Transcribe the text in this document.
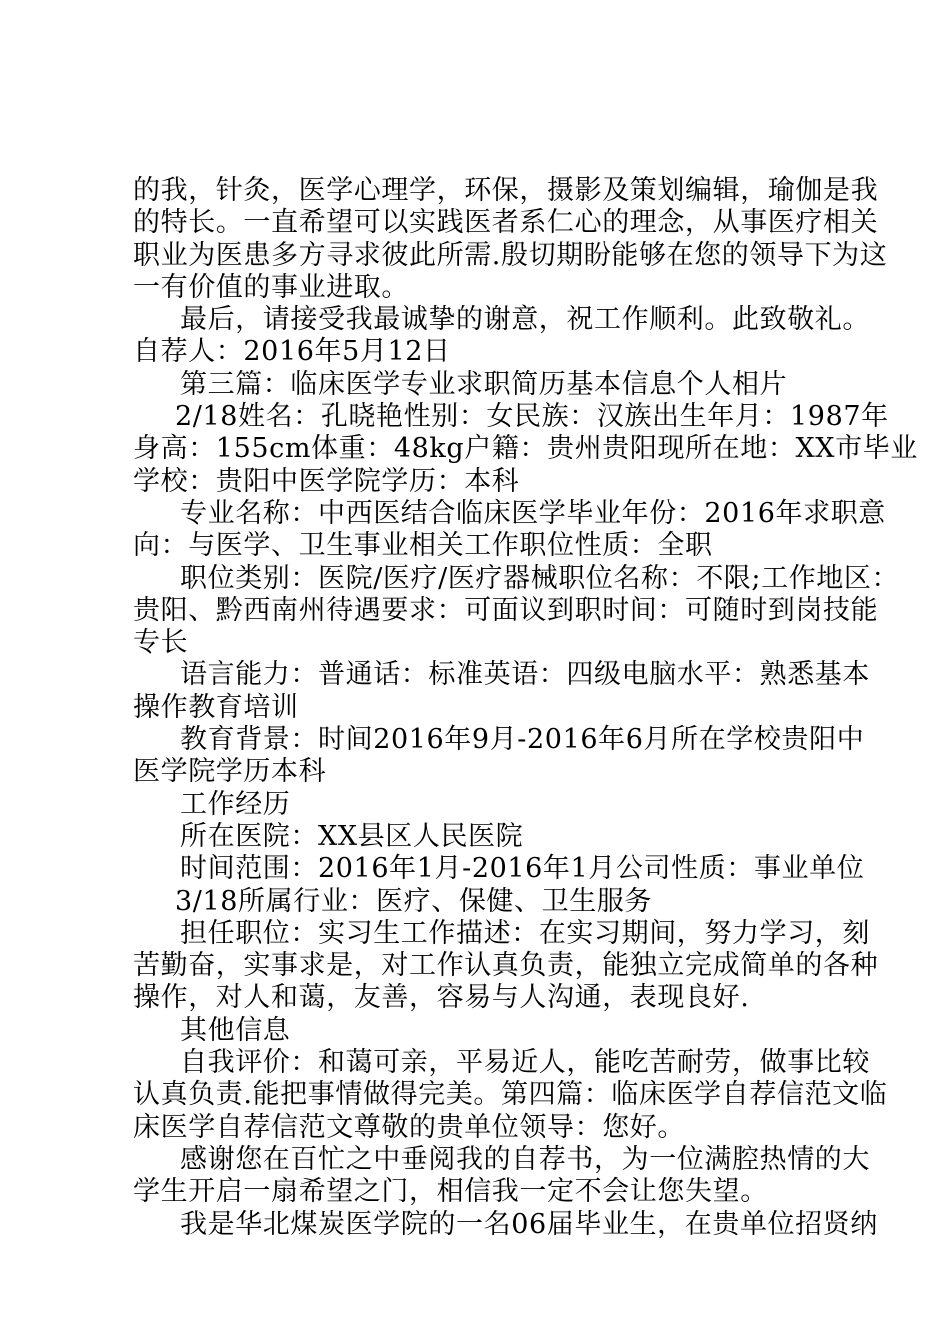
的我，针灸，医学心理学，环保，摄影及策划编辑，瑜伽是我
的特长。一直希望可以实践医者系仁心的理念，从事医疗相关
职业为医患多方寻求彼此所需.殷切期盼能够在您的领导下为这
一有价值的事业进取。
最后，请接受我最诚挚的谢意，祝工作顺利。此致敬礼。
自荐人：2016年5月12日
第三篇：临床医学专业求职简历基本信息个人相片
2/18姓名：孔晓艳性别：女民族：汉族出生年月：1987年
身高：155cm体重：48kg户籍：贵州贵阳现所在地：XX市毕业
学校：贵阳中医学院学历：本科
专业名称：中西医结合临床医学毕业年份：2016年求职意
向：与医学、卫生事业相关工作职位性质：全职
职位类别：医院/医疗/医疗器械职位名称：不限;工作地区：
贵阳、黔西南州待遇要求：可面议到职时间：可随时到岗技能
专长
语言能力：普通话：标准英语：四级电脑水平：熟悉基本
操作教育培训
教育背景：时间2016年9月-2016年6月所在学校贵阳中
医学院学历本科
工作经历
所在医院：XX县区人民医院
时间范围：2016年1月-2016年1月公司性质：事业单位
3/18所属行业：医疗、保健、卫生服务
担任职位：实习生工作描述：在实习期间，努力学习，刻
苦勤奋，实事求是，对工作认真负责，能独立完成简单的各种
操作，对人和蔼，友善，容易与人沟通，表现良好.
其他信息
自我评价：和蔼可亲，平易近人，能吃苦耐劳，做事比较
认真负责.能把事情做得完美。第四篇：临床医学自荐信范文临
床医学自荐信范文尊敬的贵单位领导：您好。
感谢您在百忙之中垂阅我的自荐书，为一位满腔热情的大
学生开启一扇希望之门，相信我一定不会让您失望。
我是华北煤炭医学院的一名06届毕业生，在贵单位招贤纳
